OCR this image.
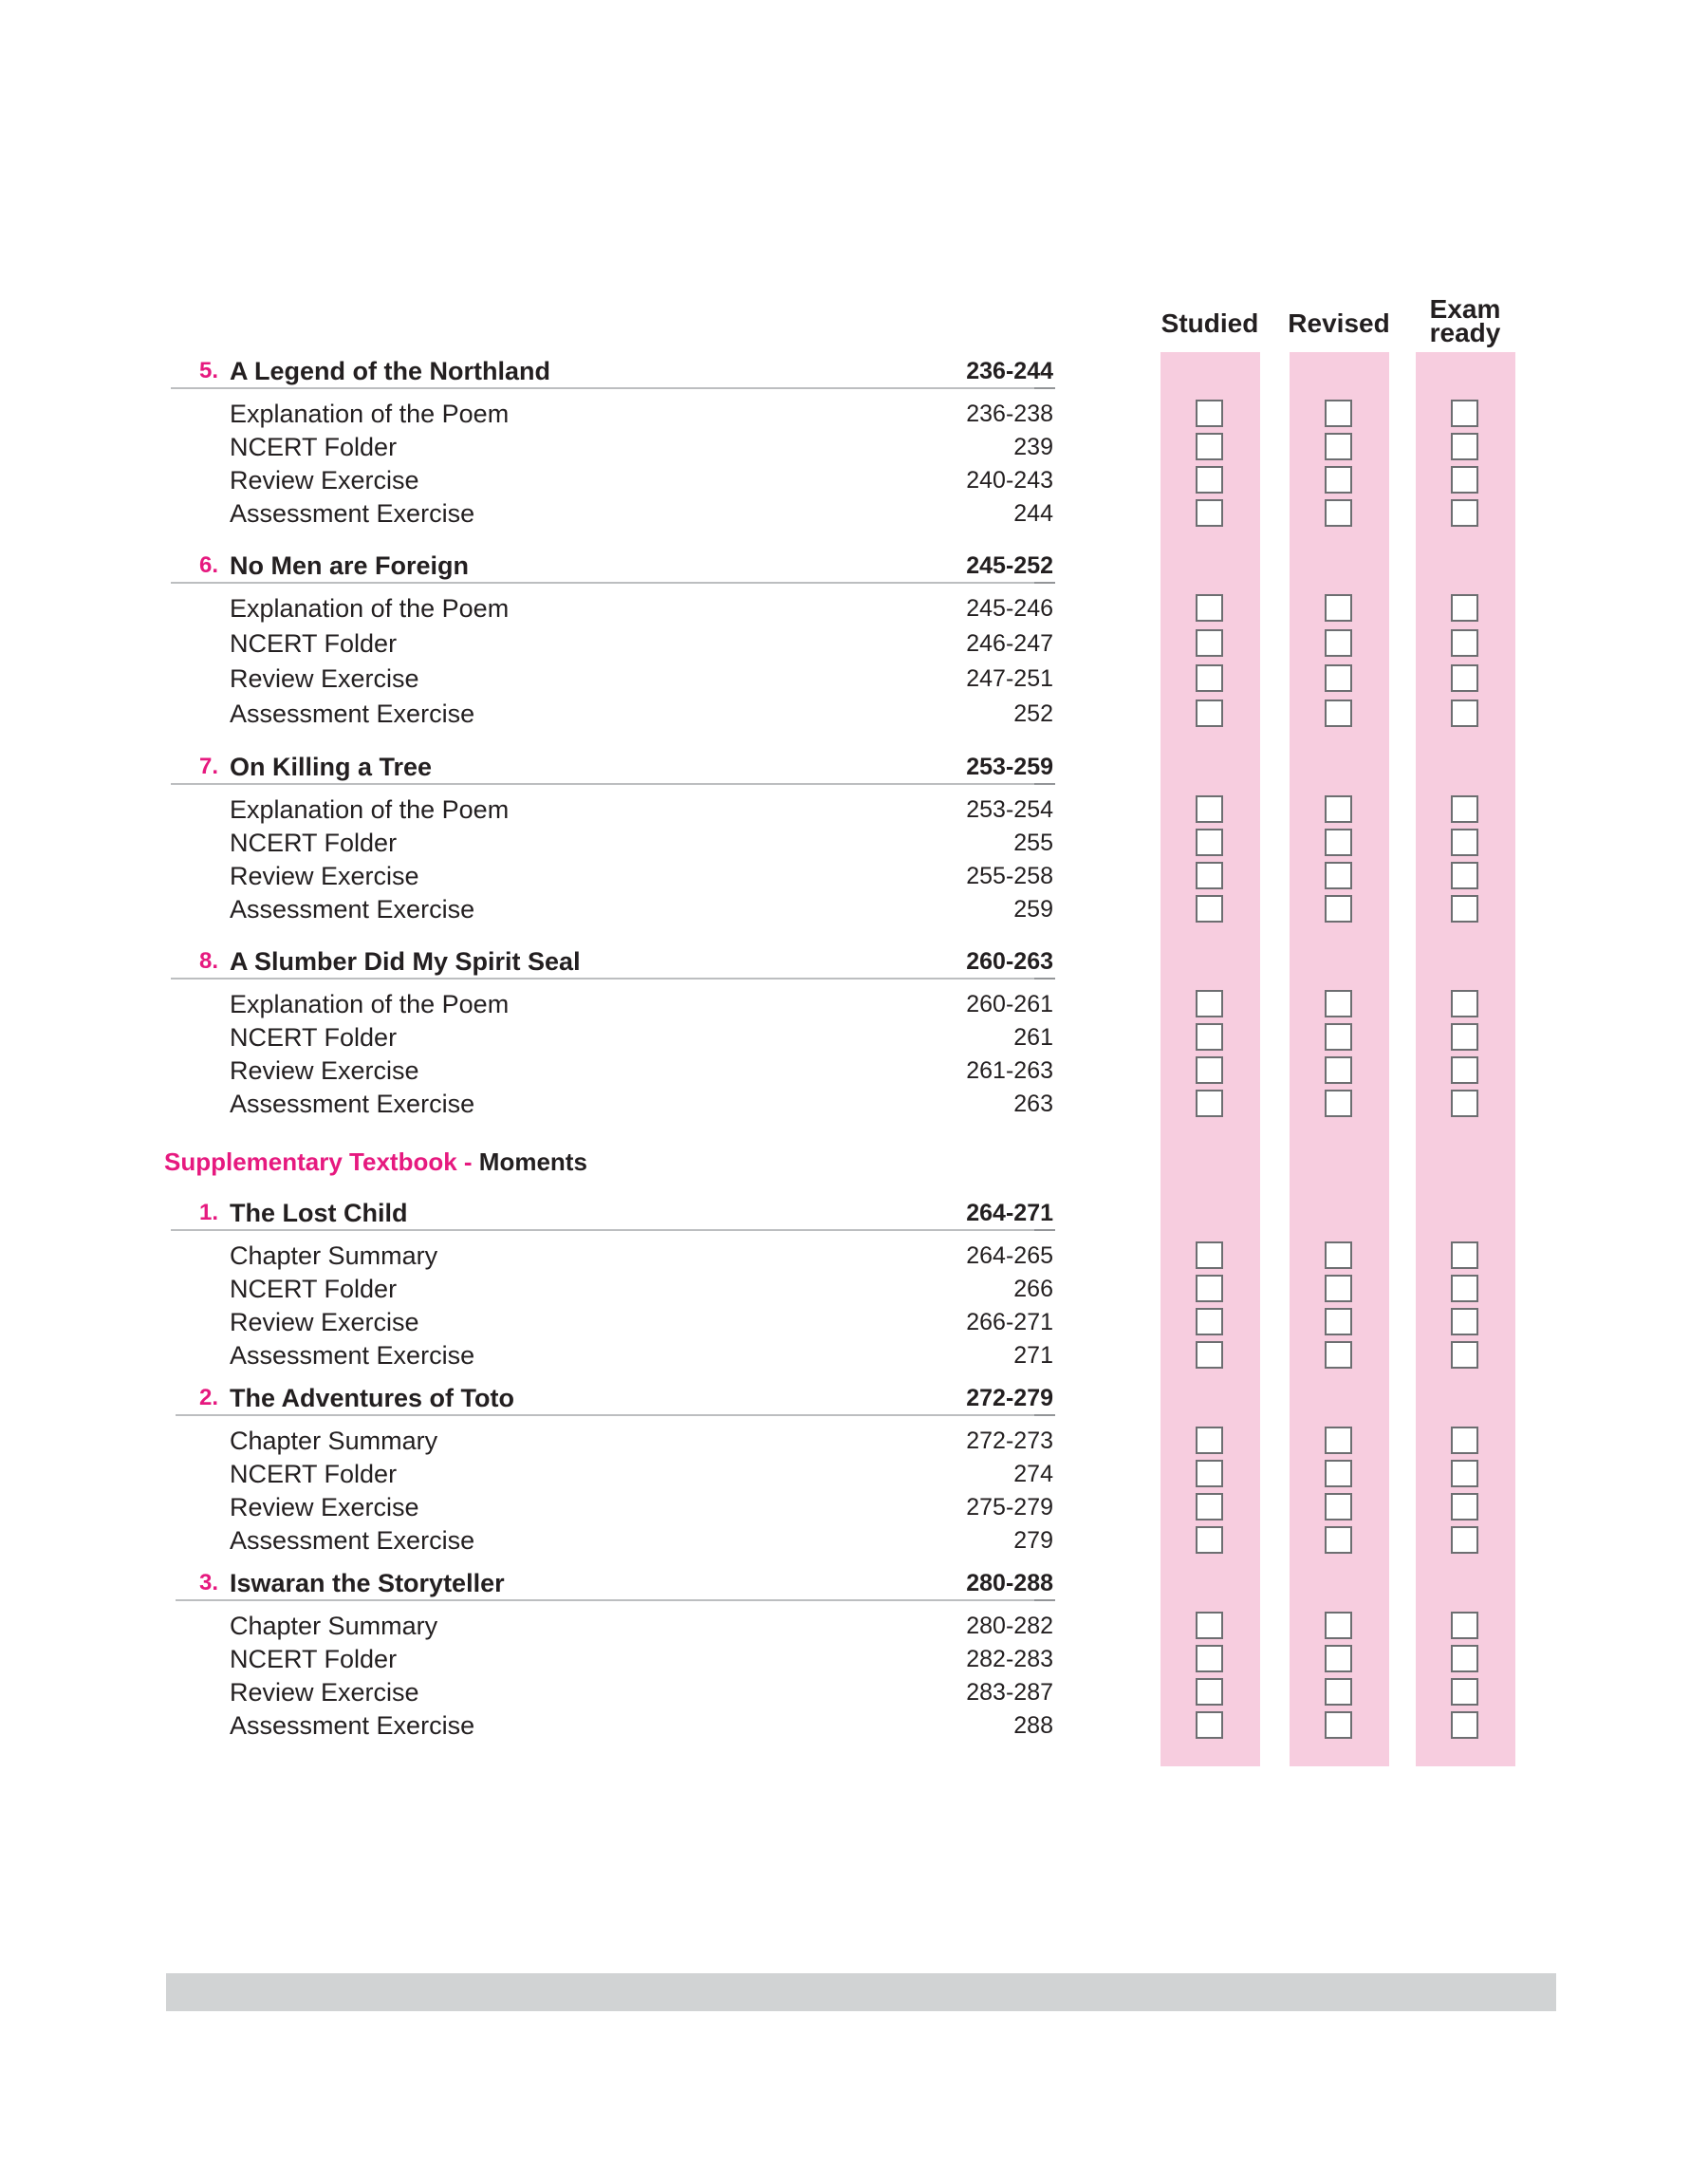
Studied	Revised	Exam
ready
5. A Legend of the Northland	236-244
Explanation of the Poem	236-238
NCERT Folder	239
Review Exercise	240-243
Assessment Exercise	244
6. No Men are Foreign	245-252
Explanation of the Poem	245-246
NCERT Folder	246-247
Review Exercise	247-251
Assessment Exercise	252
7. On Killing a Tree	253-259
Explanation of the Poem	253-254
NCERT Folder	255
Review Exercise	255-258
Assessment Exercise	259
8. A Slumber Did My Spirit Seal	260-263
Explanation of the Poem	260-261
NCERT Folder	261
Review Exercise	261-263
Assessment Exercise	263
Supplementary Textbook - Moments
1. The Lost Child	264-271
Chapter Summary	264-265
NCERT Folder	266
Review Exercise	266-271
Assessment Exercise	271
2. The Adventures of Toto	272-279
Chapter Summary	272-273
NCERT Folder	274
Review Exercise	275-279
Assessment Exercise	279
3. Iswaran the Storyteller	280-288
Chapter Summary	280-282
NCERT Folder	282-283
Review Exercise	283-287
Assessment Exercise	288
